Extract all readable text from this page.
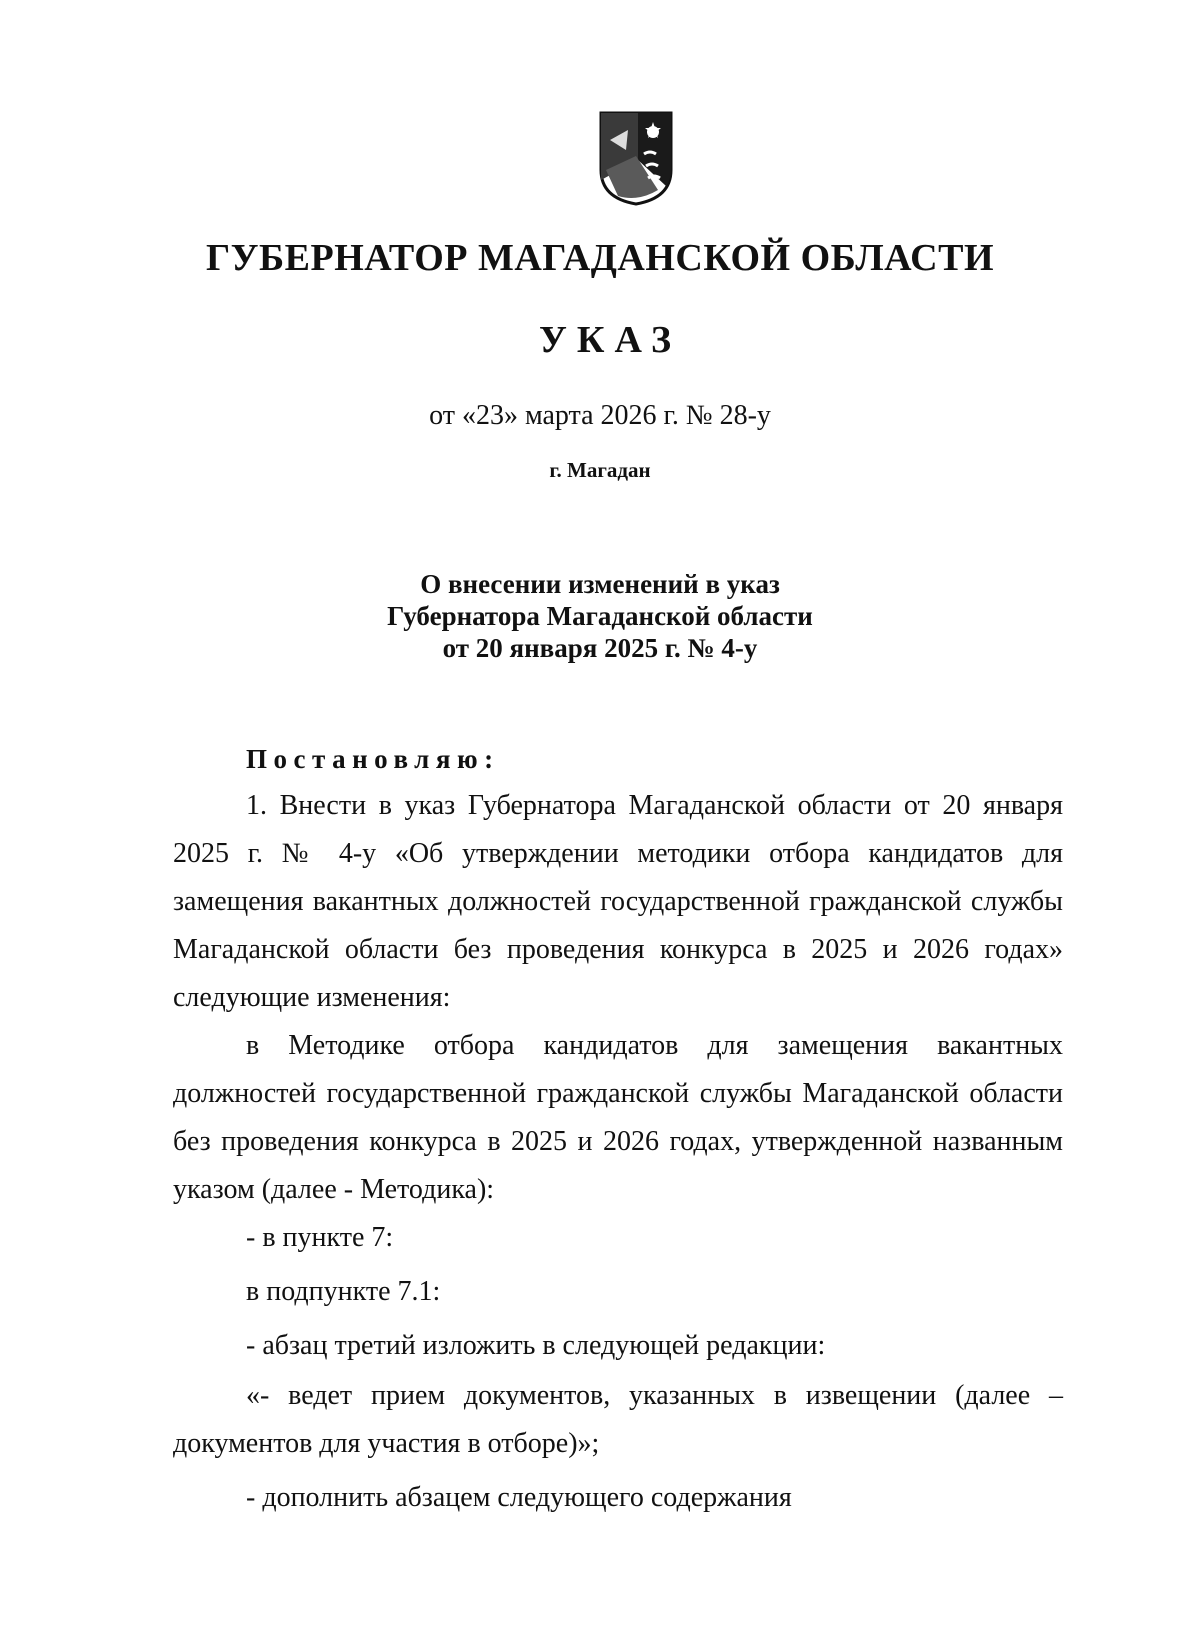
ГУБЕРНАТОР МАГАДАНСКОЙ ОБЛАСТИ
УКАЗ
от «23» марта 2026 г. № 28-у
г. Магадан
О внесении изменений в указ
Губернатора Магаданской области
от 20 января 2025 г. № 4-у
Постановляю:

1. Внести в указ Губернатора Магаданской области от 20 января 2025 г. № 4-у «Об утверждении методики отбора кандидатов для замещения вакантных должностей государственной гражданской службы Магаданской области без проведения конкурса в 2025 и 2026 годах» следующие изменения:

в Методике отбора кандидатов для замещения вакантных должностей государственной гражданской службы Магаданской области без проведения конкурса в 2025 и 2026 годах, утвержденной названным указом (далее - Методика):

- в пункте 7:
в подпункте 7.1:
- абзац третий изложить в следующей редакции:

«- ведет прием документов, указанных в извещении (далее – документов для участия в отборе)»;

- дополнить абзацем следующего содержания
